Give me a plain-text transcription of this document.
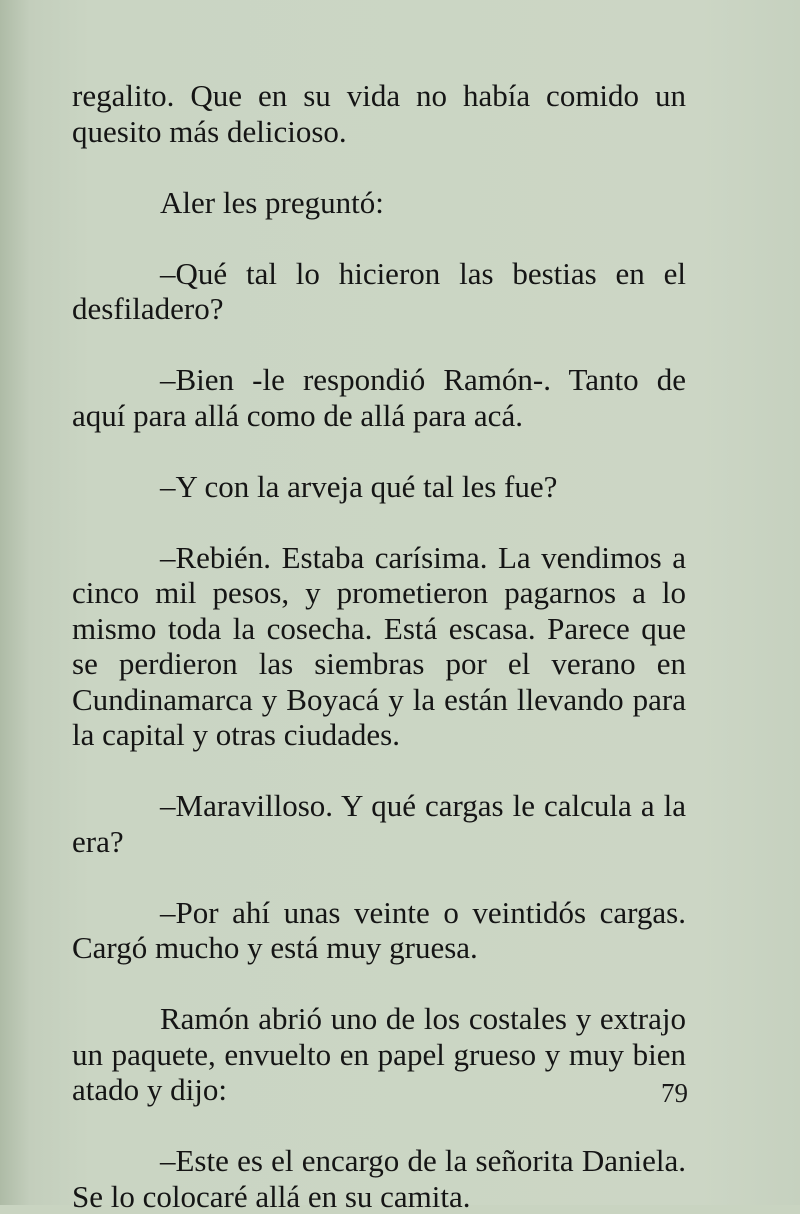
regalito. Que en su vida no había comido un quesito más delicioso.

Aler les preguntó:

–Qué tal lo hicieron las bestias en el desfiladero?

–Bien -le respondió Ramón-. Tanto de aquí para allá como de allá para acá.

–Y con la arveja qué tal les fue?

–Rebién. Estaba carísima. La vendimos a cinco mil pesos, y prometieron pagarnos a lo mismo toda la cosecha. Está escasa. Parece que se perdieron las siembras por el verano en Cundinamarca y Boyacá y la están llevando para la capital y otras ciudades.

–Maravilloso. Y qué cargas le calcula a la era?

–Por ahí unas veinte o veintidós cargas. Cargó mucho y está muy gruesa.

Ramón abrió uno de los costales y extrajo un paquete, envuelto en papel grueso y muy bien atado y dijo:

–Este es el encargo de la señorita Daniela. Se lo colocaré allá en su camita.

79
